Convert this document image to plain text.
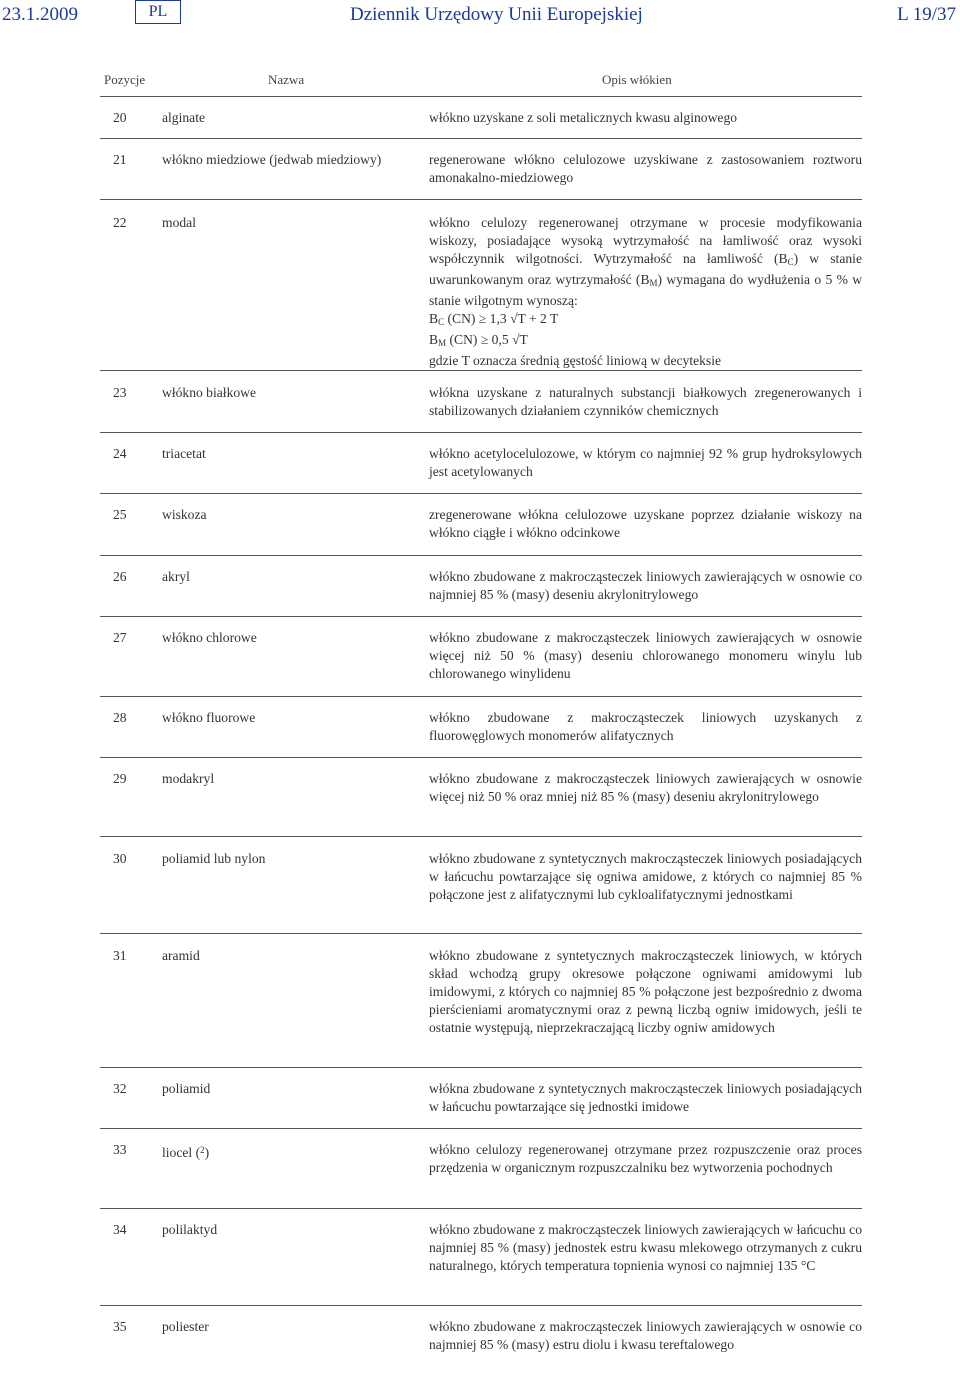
23.1.2009	PL	Dziennik Urzędowy Unii Europejskiej	L 19/37
Pozycje	Nazwa	Opis włókien
20	alginate	włókno uzyskane z soli metalicznych kwasu alginowego

21	włókno miedziowe (jedwab miedziowy)	regenerowane włókno celulozowe uzyskiwane z zastosowaniem roztworu amonakalno-miedziowego

22	modal	włókno celulozy regenerowanej otrzymane w procesie modyfikowania wiskozy, posiadające wysoką wytrzymałość na łamliwość oraz wysoki współczynnik wilgotności. Wytrzymałość na łamliwość $(B_C)$ w stanie uwarunkowanym oraz wytrzymałość $(B_M)$ wymagana do wydłużenia o 5 % w stanie wilgotnym wynoszą:

$B_C$ (CN) ≥ 1,3 √T + 2 T

$B_M$ (CN) ≥ 0,5 √T

gdzie T oznacza średnią gęstość liniową w decyteksie

23	włókno białkowe	włókna uzyskane z naturalnych substancji białkowych zregenerowanych i stabilizowanych działaniem czynników chemicznych

24	triacetat	włókno acetylocelulozowe, w którym co najmniej 92 % grup hydroksylowych jest acetylowanych

25	wiskoza	zregenerowane włókna celulozowe uzyskane poprzez działanie wiskozy na włókno ciągłe i włókno odcinkowe

26	akryl	włókno zbudowane z makrocząsteczek liniowych zawierających w osnowie co najmniej 85 % (masy) deseniu akrylonitrylowego

27	włókno chlorowe	włókno zbudowane z makrocząsteczek liniowych zawierających w osnowie więcej niż 50 % (masy) deseniu chlorowanego monomeru winylu lub chlorowanego winylidenu

28	włókno fluorowe	włókno zbudowane z makrocząsteczek liniowych uzyskanych z fluorowęglowych monomerów alifatycznych

29	modakryl	włókno zbudowane z makrocząsteczek liniowych zawierających w osnowie więcej niż 50 % oraz mniej niż 85 % (masy) deseniu akrylonitrylowego

30	poliamid lub nylon	włókno zbudowane z syntetycznych makrocząsteczek liniowych posiadających w łańcuchu powtarzające się ogniwa amidowe, z których co najmniej 85 % połączone jest z alifatycznymi lub cykloalifatycznymi jednostkami

31	aramid	włókno zbudowane z syntetycznych makrocząsteczek liniowych, w których skład wchodzą grupy okresowe połączone ogniwami amidowymi lub imidowymi, z których co najmniej 85 % połączone jest bezpośrednio z dwoma pierścieniami aromatycznymi oraz z pewną liczbą ogniw imidowych, jeśli te ostatnie występują, nieprzekraczającą liczby ogniw amidowych

32	poliamid	włókna zbudowane z syntetycznych makrocząsteczek liniowych posiadających w łańcuchu powtarzające się jednostki imidowe

33	liocel ($^2$)	włókno celulozy regenerowanej otrzymane przez rozpuszczenie oraz proces przędzenia w organicznym rozpuszczalniku bez wytworzenia pochodnych

34	polilaktyd	włókno zbudowane z makrocząsteczek liniowych zawierających w łańcuchu co najmniej 85 % (masy) jednostek estru kwasu mlekowego otrzymanych z cukru naturalnego, których temperatura topnienia wynosi co najmniej 135 °C

35	poliester	włókno zbudowane z makrocząsteczek liniowych zawierających w osnowie co najmniej 85 % (masy) estru diolu i kwasu tereftalowego
